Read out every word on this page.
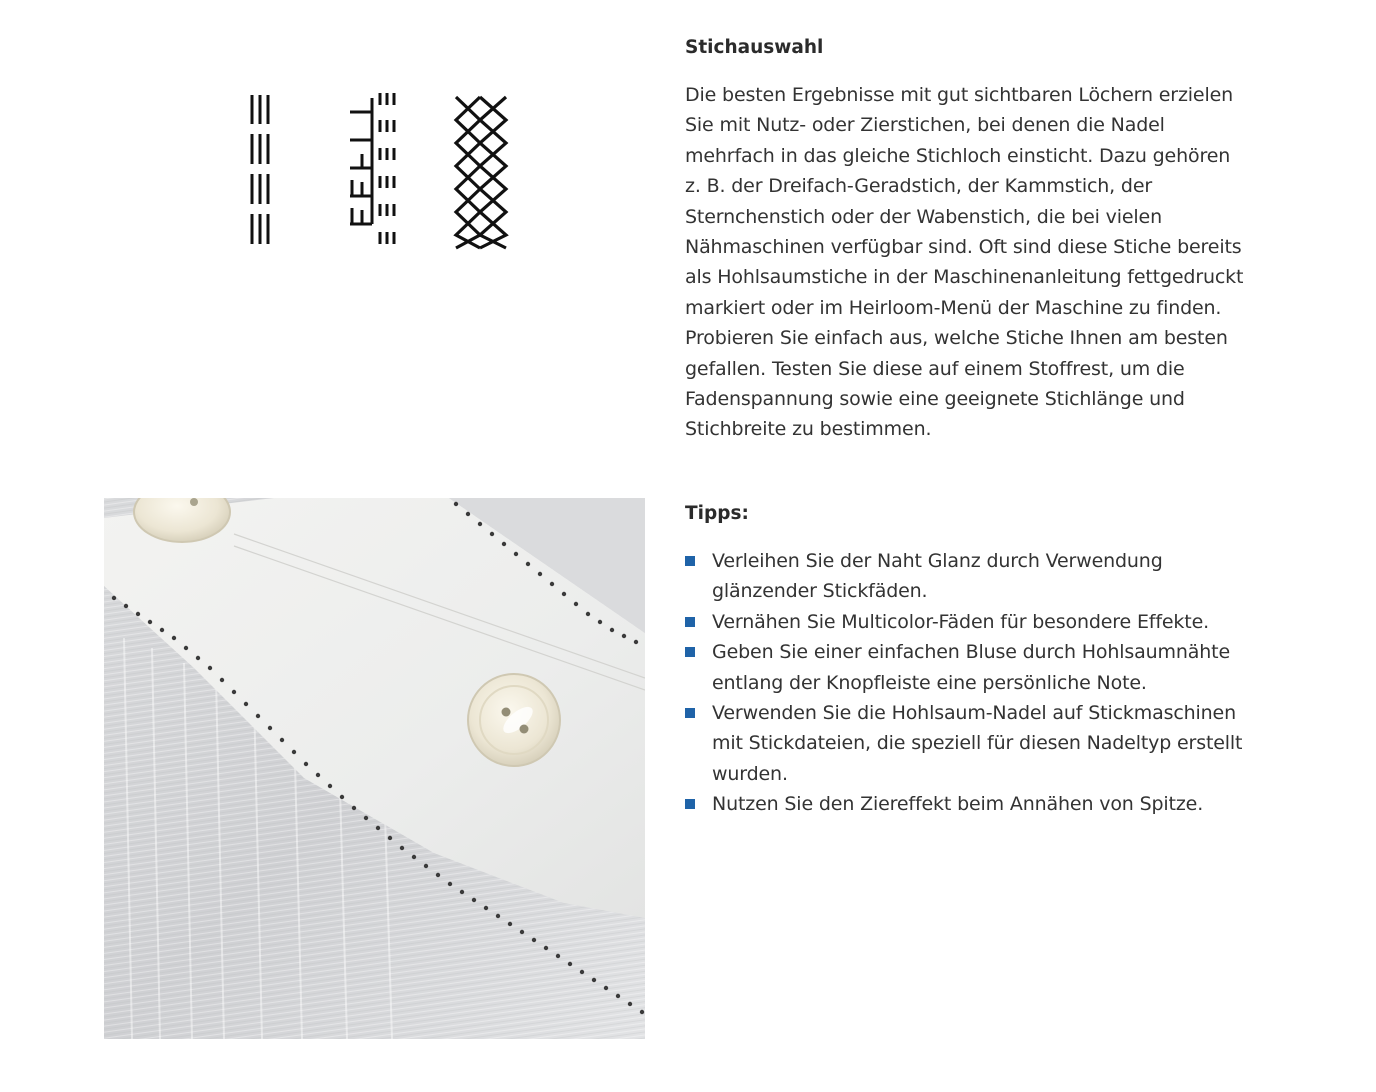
Stichauswahl

Die besten Ergebnisse mit gut sichtbaren Löchern erzielen Sie mit Nutz- oder Zierstichen, bei denen die Nadel mehrfach in das gleiche Stichloch einsticht. Dazu gehören z. B. der Dreifach-Geradstich, der Kammstich, der Sternchenstich oder der Wabenstich, die bei vielen Nähmaschinen verfügbar sind. Oft sind diese Stiche bereits als Hohlsaumstiche in der Maschinenanleitung fettgedruckt markiert oder im Heirloom-Menü der Maschine zu finden. Probieren Sie einfach aus, welche Stiche Ihnen am besten gefallen. Testen Sie diese auf einem Stoffrest, um die Fadenspannung sowie eine geeignete Stichlänge und Stichbreite zu bestimmen.

Tipps:
Verleihen Sie der Naht Glanz durch Verwendung glänzender Stickfäden.
Vernähen Sie Multicolor-Fäden für besondere Effekte.
Geben Sie einer einfachen Bluse durch Hohlsaumnähte entlang der Knopfleiste eine persönliche Note.
Verwenden Sie die Hohlsaum-Nadel auf Stickmaschinen mit Stickdateien, die speziell für diesen Nadeltyp erstellt wurden.
Nutzen Sie den Ziereffekt beim Annähen von Spitze.
